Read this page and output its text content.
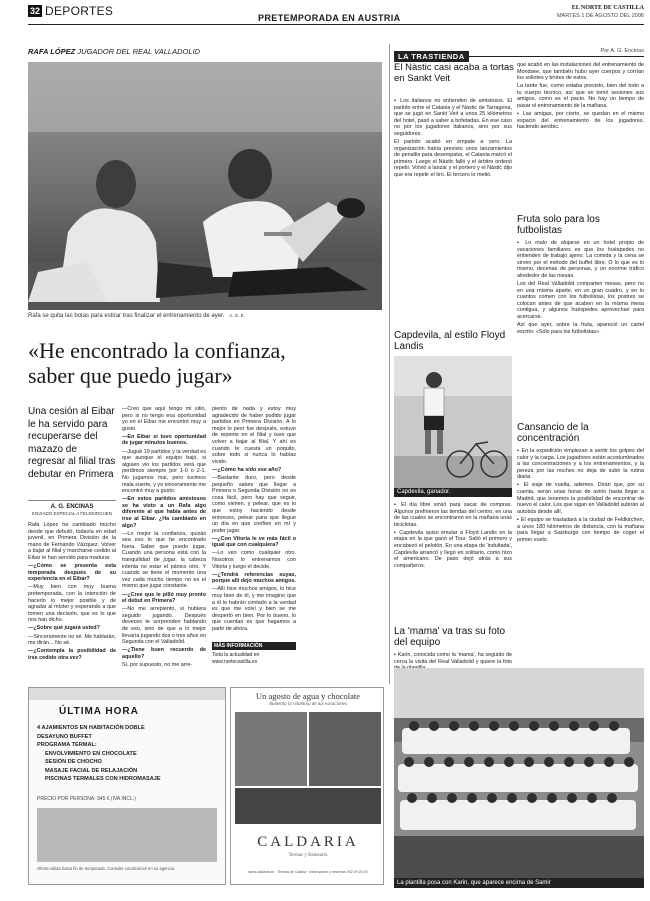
32 DEPORTES	PRETEMPORADA EN AUSTRIA
EL NORTE DE CASTILLA
MARTES 1 DE AGOSTO DEL 2006
RAFA LÓPEZ JUGADOR DEL REAL VALLADOLID
Rafa se quita las botas para estirar tras finalizar el entrenamiento de ayer. A. G. E.
«He encontrado la confianza,
saber que puedo jugar»
Una cesión al Eibar le ha servido para recuperarse del mazazo de regresar al filial tras debutar en Primera
A. G. ENCINAS
ENVIADO ESPECIAL A FELDKIRCHEN

Rafa López ha cambiado mucho desde que debutó, todavía en edad juvenil, en Primera División de la mano de Fernando Vázquez. Volver a bajar al filial y marcharse cedido al Eibar le han servido para madurar.

—¿Cómo se presenta esta temporada después de su experiencia en el Eibar?

—Muy bien con muy buena pretemporada, con la intención de hacerlo lo mejor posible y de agradar al míster y esperando a que tomen una decisión, que es lo que nos han dicho.

—¿Sobre qué jugará usted?

—Sinceramente no sé. Me hablarán, me dirán... No sé.

—¿Contempla la posibilidad de irse cedido otra vez?

—Creo que aquí tengo mi sitio, pero si no tengo esa oportunidad yo en el Eibar me encontré muy a gusto.

—En Eibar sí tuvo oportunidad de jugar minutos buenos.

—Jugué 19 partidos y la verdad es que aunque el equipo bajó, si alguien vio los partidos verá que perdimos siempre por 1-0 o 2-1. No jugamos mal, pero tuvimos mala suerte, y yo sinceramente me encontré muy a gusto.

—En estos partidos amistosos se ha visto a un Rafa algo diferente al que había antes de irse al Eibar. ¿Ha cambiado en algo?

—Lo mejor la confianza, quizás sea eso lo que he encontrado fuera. Saber que puedo jugar. Cuando una persona está con la tranquilidad de jugar, la cabeza intenta no estar el pánico otro. Y cuando se tiene el momento una vez cada mucho tiempo no es el mismo que jugar constante.

—¿Cree que le pilló muy pronto el debut en Primera?

—No me arrepiento, si hubiera seguido jugando. Después deveces te sorprenden hablando de eso, sino de que a lo mejor llevaría jugando dos o tres años en Segunda con el Valladolid.

—¿Tiene buen recuerdo de aquello?

Sí, por supuesto, no me arre-

piento de nada y estoy muy agradecido de haber podido jugar partidos en Primera División. A lo mejor lo peor fue después, estuve de repente en el filial y tuve que volver a bajar al filial. Y ahí es cuando te cuesta un poquito, sobre todo si nunca lo habías vivido.

—¿Cómo ha sido ese año?

—Bastante duro, pero desde pequeño sabes que llegar a Primera o Segunda División no es cosa fácil, pero hay que seguir, como vienen, y pelear, que es lo que estoy haciendo desde entonces, pelear para que llegue un día en que confíen en mí y poder jugar.

—¿Con Vitoria le ve más fácil o igual que con cualquiera?

—Lo veo como cualquier otro. Nosotros lo entrenamos con Vitoria y luego el decide.

—¿Tendrá referencias suyas, porque allí dejo muchos amigos.

—Allí hice muchos amigos, lo hice muy bien de él, y me imagino que a él le habrán contado a la verdad es que me volví y bien se me despertó en bien. Por lo bueno, lo que cuentan es que hagamos a partir de ahora.

MÁS INFORMACIÓN
Toda la actualidad en www.nortecastilla.es
ÚLTIMA HORA
4 AJAMIENTOS EN HABITACIÓN DOBLE
DESAYUNO BUFFET
PROGRAMA TERMAL:
ENVOLVIMIENTO EN CHOCOLATE
SESIÓN DE CHOCHO
MASAJE FACIAL DE RELAJACIÓN
PISCINAS TERMALES CON HIDROMASAJE
PRECIO POR PERSONA: 345 € (IVA INCL.)
Oferta válida hasta fin de temporada. Consulte condiciones en su agencia.
Un agosto de agua y chocolate
Aumenta la vitamina de tus vacaciones
CALDARIA
Termas y Balneario
www.caldaria.es · Termas de Galicia · Información y reservas 902 49 20 00
LA TRASTIENDA
Por A. G. Encinas
El Nàstic casi acaba a tortas en Sankt Veit

▪ Los italianos no entienden de amistosos. El partido entre el Catania y el Nàstic de Tarragona, que se jugó en Sankt Veit a unos 25 kilómetros del hotel, pasó a saber a bofetadas. En ese caso no por los jugadores italianos, sino por sus seguidores.

El partido acabó en empate a cero. La organización había previsto unos lanzamientos de penaltis para desempatar, el Catania marcó el primero. Luego el Nàstic falló y el árbitro ordenó repetir. Volvió a lanzar y el portero y el Nàstic dijo que era repetir el tiro. El tercero lo metió.

que acabó en las instalaciones del entrenamiento de Mondsee, que también hubo ayer cuerpos y corrían los sollotes y brotes de estos.

La tarde fue, como estaba previsto, bien del todo a tu cuerpo técnico, así que se tomó sesiones sus amigos, como es el pacto. No hay un tiempo de pasar el entrenamiento de la mañana.

▪ Las amigas, por cierto, se quedan en el mismo espacio del entrenamiento de los jugadores, haciendo aeróbic.

Fruta solo para los futbolistas

▪ Lo malo de alojarse en un hotel propio de vacaciones familiares es que los huéspedes no entienden de trabajo ajeno. La comida y la cena se sirven por el método del buffet libre. O lo que es lo mismo, decenas de personas, y un enorme tráfico alrededor de las mesas.

Los del Real Valladolid comparten mesas, pero no en una misma aparte, en un gran cuadro, y en lo cuantos comen con los futbolistas, los postres se colocan antes de que acaben en la misma mesa contigua, y algunos huéspedes aprovechan para acercarse.

Así que ayer, sobre la fruta, apareció un cartel escrito: «Sólo para los futbolistas».

Cansancio de la concentración

▪ En la expedición empiezan a sentir los golpes del calor y la carga. Los jugadores están acostumbrados a las concentraciones y a los entrenamientos, y la pereza por las noches no deja de subir la rutina diaria.

▪ El viaje de vuelta, ademes. Dirán que, por su cuenta, serán unas horas de avión hasta llegar a Madrid, que tenemos la posibilidad de encontrar de nuevo el calor. Los que sigan en Valladolid subirán al autobús desde allí.

▪ El equipo se trasladará a la ciudad de Feldkirchen, a unos 180 kilómetros de distancia, con la mañana para llegar a Salzburgo con tiempo de coger el primer vuelo.

Capdevila, al estilo Floyd Landis
Capdevila, ganador.

▪ El día libre sirvió para sacar de compras. Algunos prefirieron las tiendas del centro, en una de las cuales se encontraron en la mañana unas bicicletas.

▪ Capdevila quiso emular a Floyd Landis en la etapa en la que ganó el Tour. Salió el primero y encabezó el pelotón. En una etapa de 'indultada', Capdevila arrancó y llegó en solitario, como hizo el americano. De paso dejó atrás a sus compañeros.

La 'mama' va tras su foto del equipo

▪ Karin, conocida como la 'mama', ha seguido de cerca la visita del Real Valladolid y quiere la foto

La plantilla posa con Karin, que aparece encima de Samir
